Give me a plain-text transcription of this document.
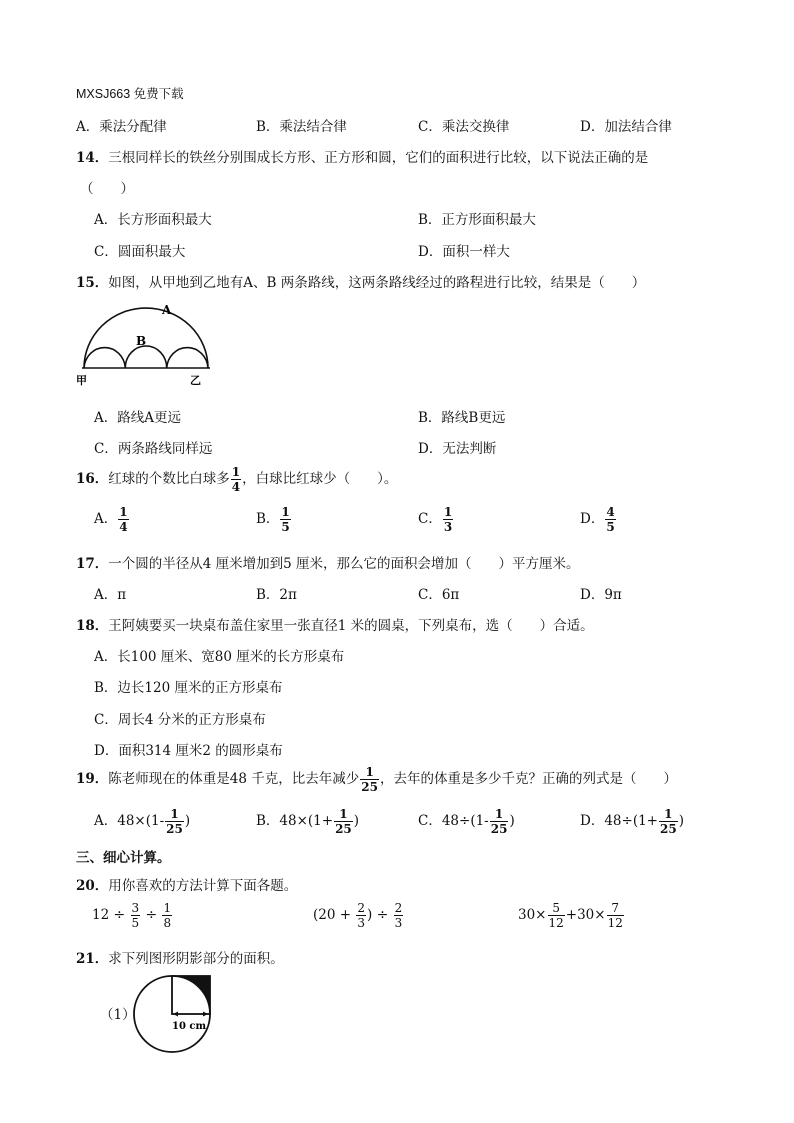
MXSJ663 免费下载
A．乘法分配律	B．乘法结合律	C．乘法交换律	D．加法结合律
14．三根同样长的铁丝分别围成长方形、正方形和圆，它们的面积进行比较，以下说法正确的是
（　　）
A．长方形面积最大	B．正方形面积最大
C．圆面积最大	D．面积一样大
15．如图，从甲地到乙地有A、B 两条路线，这两条路线经过的路程进行比较，结果是（　　）
A
B
甲	乙
A．路线A更远	B．路线B更远
C．两条路线同样远	D．无法判断
16．红球的个数比白球多 $\frac{1}{4}$ ，白球比红球少（　　）。
A． $\frac{1}{4}$	B． $\frac{1}{5}$	C． $\frac{1}{3}$	D． $\frac{4}{5}$
17．一个圆的半径从4 厘米增加到5 厘米，那么它的面积会增加（　　）平方厘米。
A．π	B．2π	C．6π	D．9π
18．王阿姨要买一块桌布盖住家里一张直径1 米的圆桌，下列桌布，选（　　）合适。
A．长100 厘米、宽80 厘米的长方形桌布
B．边长120 厘米的正方形桌布
C．周长4 分米的正方形桌布
D．面积314 厘米2 的圆形桌布
19．陈老师现在的体重是48 千克，比去年减少 $\frac{1}{25}$ ，去年的体重是多少千克？正确的列式是（　　）
A．$48\times(1- \frac{1}{25}$ )	B．$48\times(1+ \frac{1}{25}$ )	C．$48\div(1- \frac{1}{25}$ )	D．$48\div(1+ \frac{1}{25}$ )
三、细心计算。
20．用你喜欢的方法计算下面各题。
$12 \div \frac{3}{5} \div \frac{1}{8}$	($20 + \frac{2}{3}$ ) ÷ $\frac{2}{3}$	$30\times \frac{5}{12} +30\times \frac{7}{12}$
21．求下列图形阴影部分的面积。
（1）
10 cm
